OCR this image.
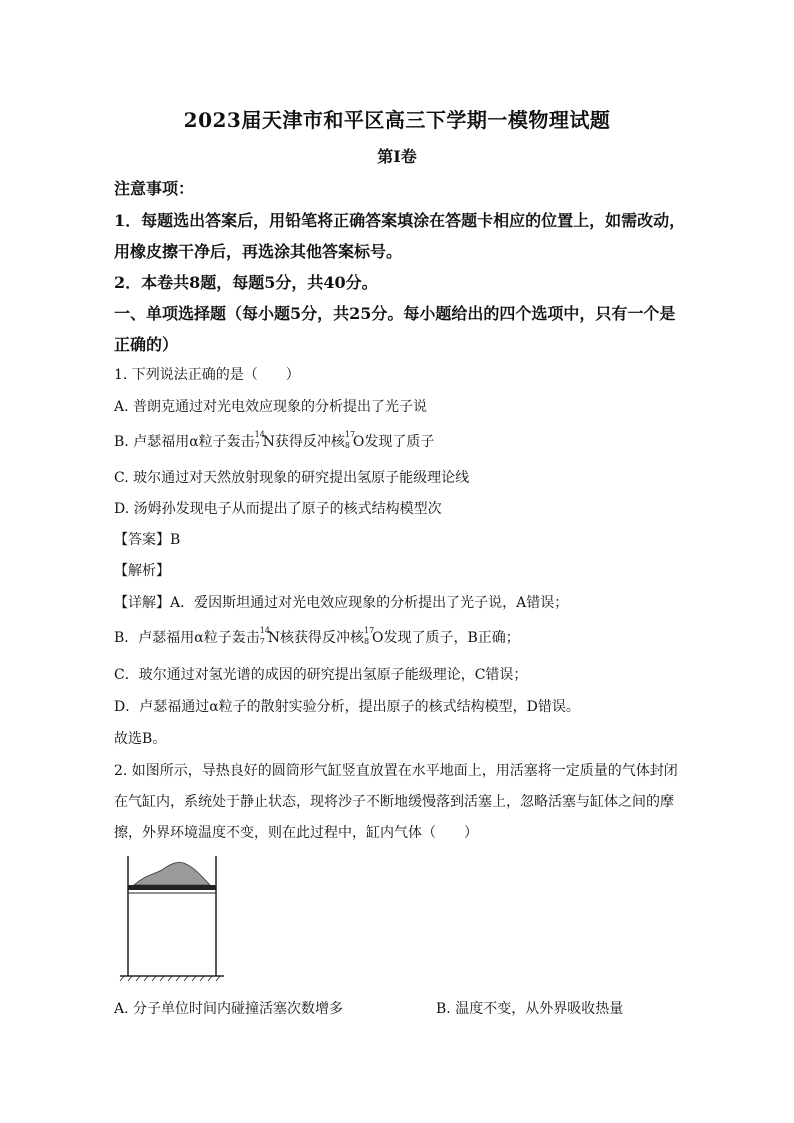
2023届天津市和平区高三下学期一模物理试题
第I卷
注意事项：
1．每题选出答案后，用铅笔将正确答案填涂在答题卡相应的位置上，如需改动，
用橡皮擦干净后，再选涂其他答案标号。
2．本卷共8题，每题5分，共40分。
一、单项选择题（每小题5分，共25分。每小题给出的四个选项中，只有一个是
正确的）
1. 下列说法正确的是（　　）
A. 普朗克通过对光电效应现象的分析提出了光子说
B. 卢瑟福用α粒子轰击 14
7 N获得反冲核 17
8 O发现了质子
C. 玻尔通过对天然放射现象的研究提出氢原子能级理论线
D. 汤姆孙发现电子从而提出了原子的核式结构模型次
【答案】B
【解析】
【详解】A．爱因斯坦通过对光电效应现象的分析提出了光子说，A错误；
B．卢瑟福用α粒子轰击 14
7 N核获得反冲核 17
8 O发现了质子，B正确；
C．玻尔通过对氢光谱的成因的研究提出氢原子能级理论，C错误；
D．卢瑟福通过α粒子的散射实验分析，提出原子的核式结构模型，D错误。
故选B。
2. 如图所示，导热良好的圆筒形气缸竖直放置在水平地面上，用活塞将一定质量的气体封闭
在气缸内，系统处于静止状态，现将沙子不断地缓慢落到活塞上，忽略活塞与缸体之间的摩
擦，外界环境温度不变，则在此过程中，缸内气体（　　）
A. 分子单位时间内碰撞活塞次数增多	B. 温度不变，从外界吸收热量
